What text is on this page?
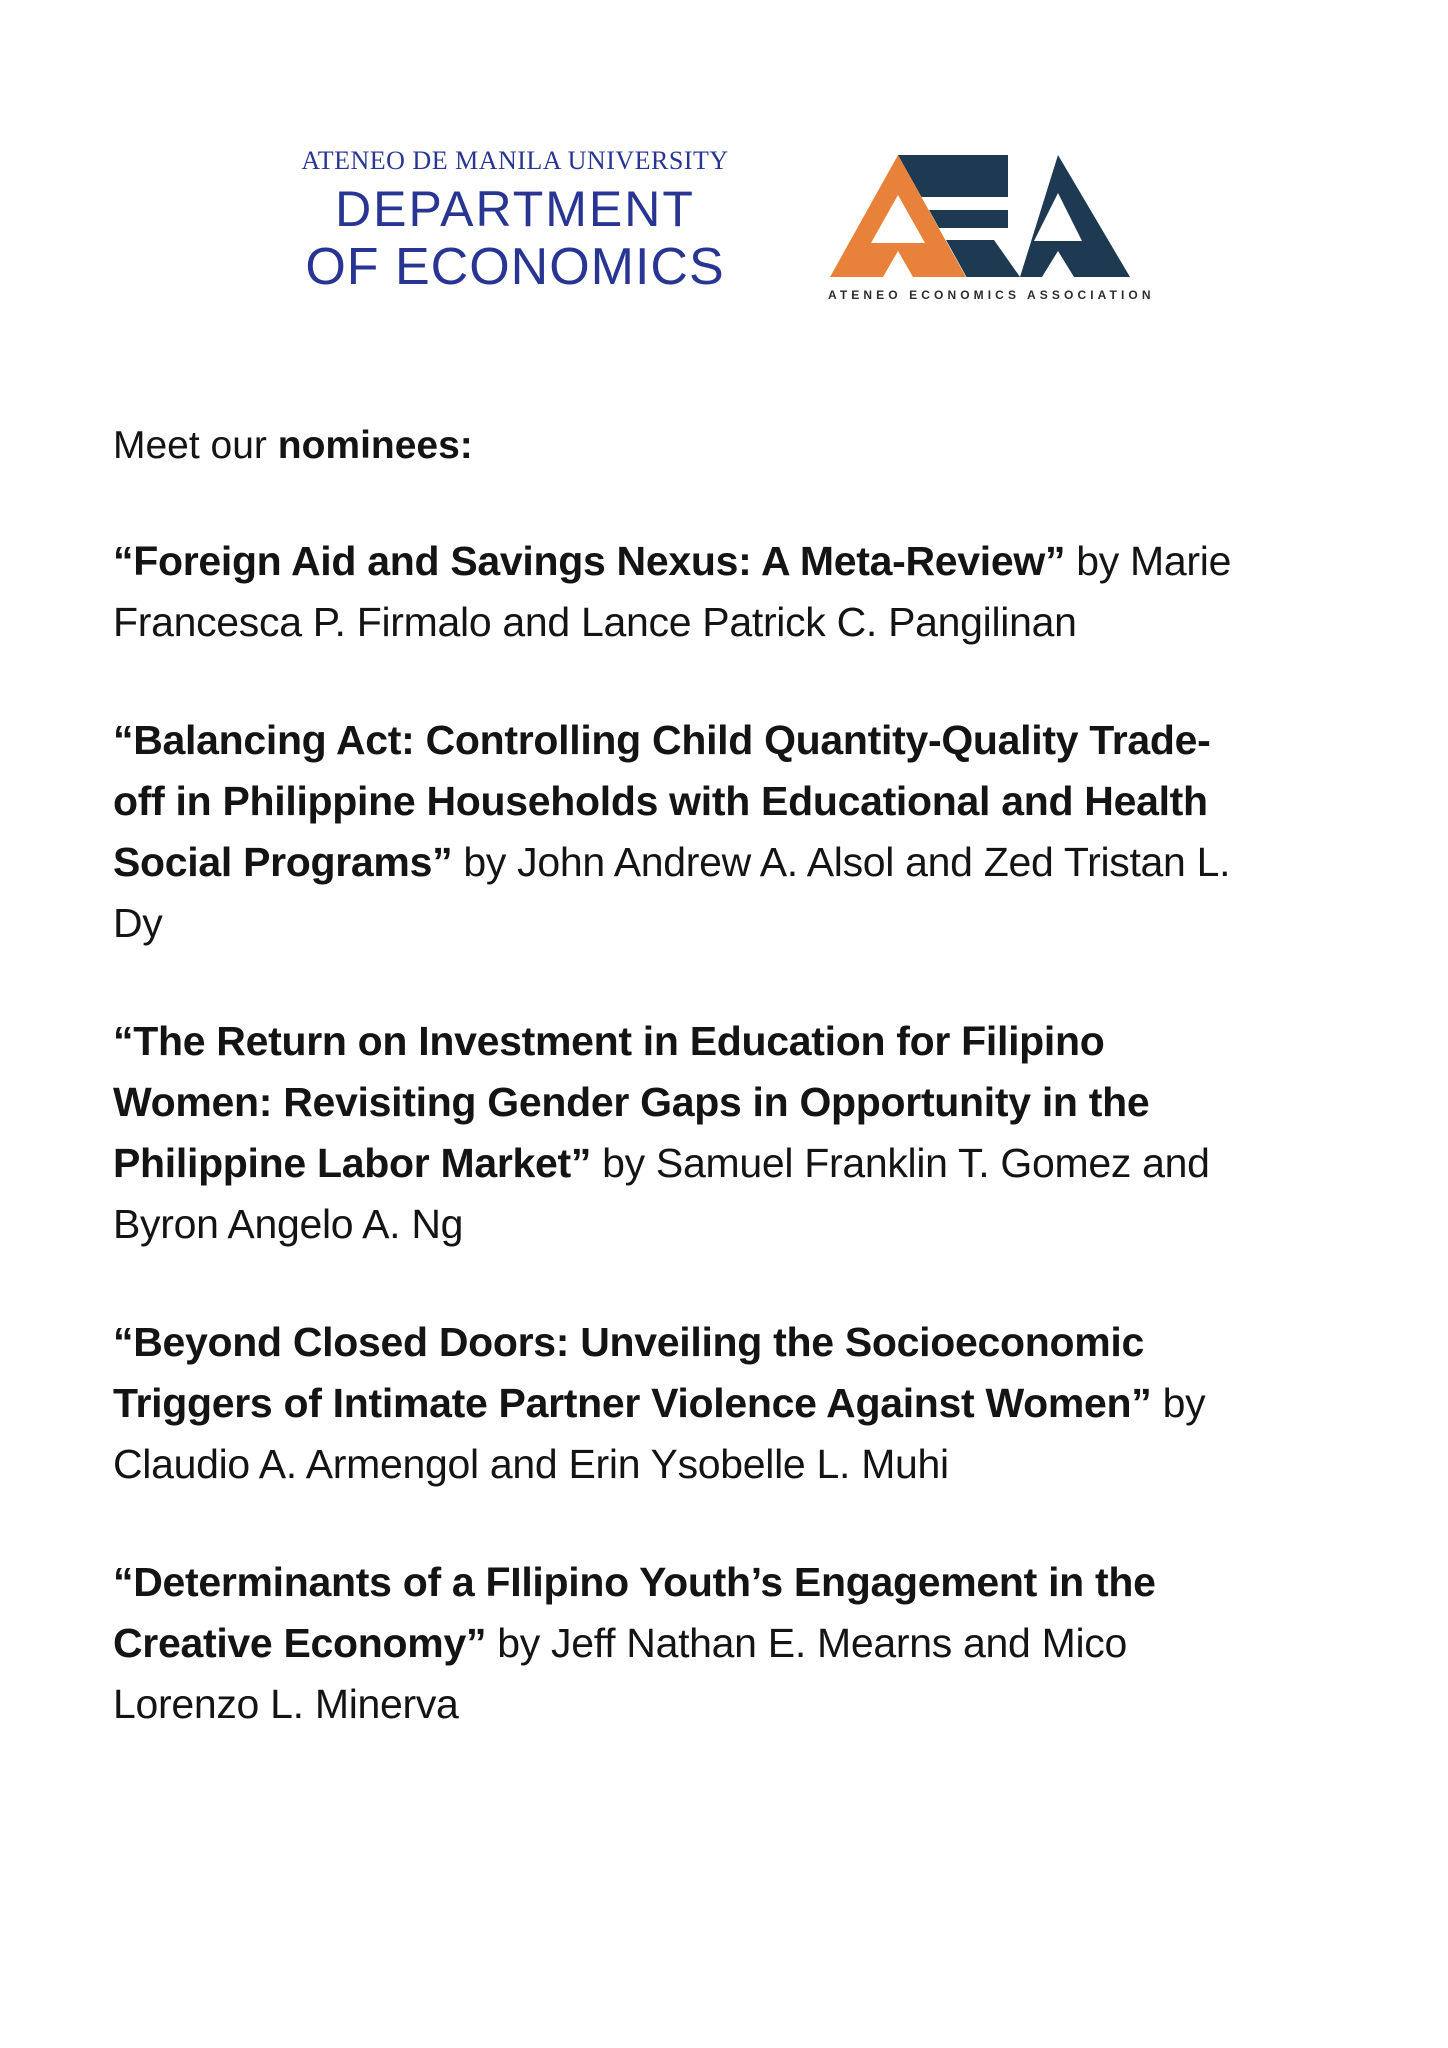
ATENEO DE MANILA UNIVERSITY
DEPARTMENT
OF ECONOMICS	ATENEO ECONOMICS ASSOCIATION

Meet our nominees:

“Foreign Aid and Savings Nexus: A Meta-Review” by Marie Francesca P. Firmalo and Lance Patrick C. Pangilinan

“Balancing Act: Controlling Child Quantity-Quality Trade-off in Philippine Households with Educational and Health Social Programs” by John Andrew A. Alsol and Zed Tristan L. Dy

“The Return on Investment in Education for Filipino Women: Revisiting Gender Gaps in Opportunity in the Philippine Labor Market” by Samuel Franklin T. Gomez and Byron Angelo A. Ng

“Beyond Closed Doors: Unveiling the Socioeconomic Triggers of Intimate Partner Violence Against Women” by Claudio A. Armengol and Erin Ysobelle L. Muhi

“Determinants of a FIlipino Youth’s Engagement in the Creative Economy” by Jeff Nathan E. Mearns and Mico Lorenzo L. Minerva
